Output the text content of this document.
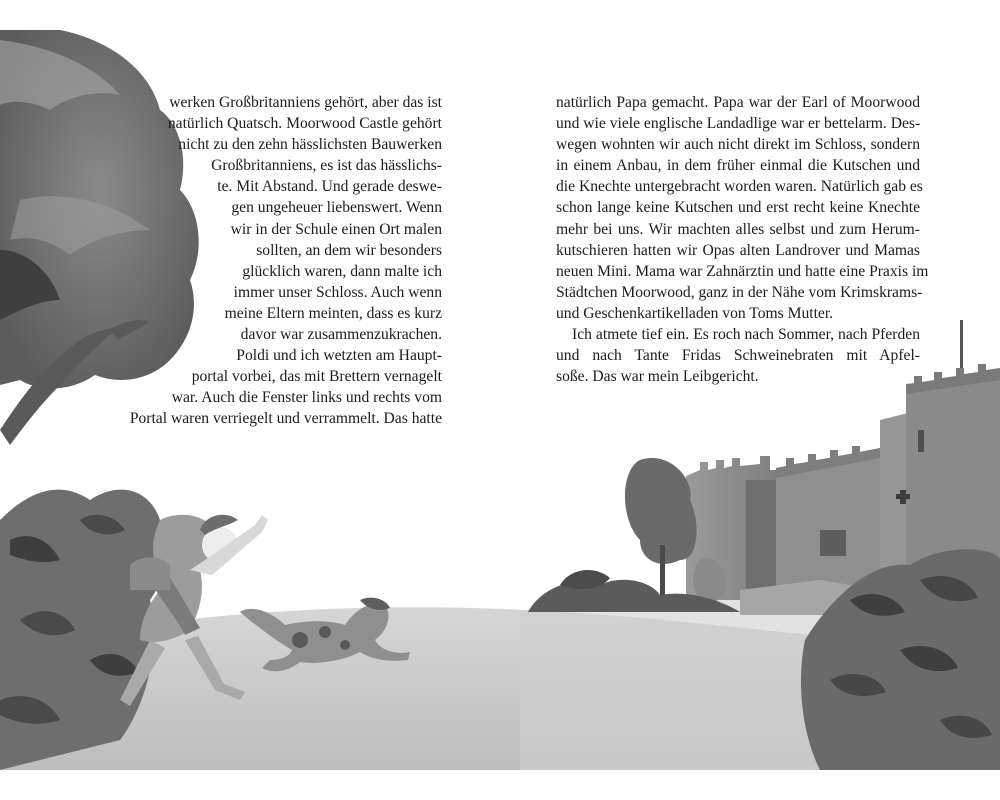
werken Großbritanniens gehört, aber das ist
natürlich Quatsch. Moorwood Castle gehört
nicht zu den zehn hässlichsten Bauwerken
Großbritanniens, es ist das hässlichs-
te. Mit Abstand. Und gerade deswe-
gen ungeheuer liebenswert. Wenn
wir in der Schule einen Ort malen
sollten, an dem wir besonders
glücklich waren, dann malte ich
immer unser Schloss. Auch wenn
meine Eltern meinten, dass es kurz
davor war zusammenzukrachen.
Poldi und ich wetzten am Haupt-
portal vorbei, das mit Brettern vernagelt
war. Auch die Fenster links und rechts vom
Portal waren verriegelt und verrammelt. Das hatte
natürlich Papa gemacht. Papa war der Earl of Moorwood
und wie viele englische Landadlige war er bettelarm. Des-
wegen wohnten wir auch nicht direkt im Schloss, sondern
in einem Anbau, in dem früher einmal die Kutschen und
die Knechte untergebracht worden waren. Natürlich gab es
schon lange keine Kutschen und erst recht keine Knechte
mehr bei uns. Wir machten alles selbst und zum Herum-
kutschieren hatten wir Opas alten Landrover und Mamas
neuen Mini. Mama war Zahnärztin und hatte eine Praxis im
Städtchen Moorwood, ganz in der Nähe vom Krimskrams-
und Geschenkartikelladen von Toms Mutter.
Ich atmete tief ein. Es roch nach Sommer, nach Pferden
und nach Tante Fridas Schweinebraten mit Apfel-
soße. Das war mein Leibgericht.
